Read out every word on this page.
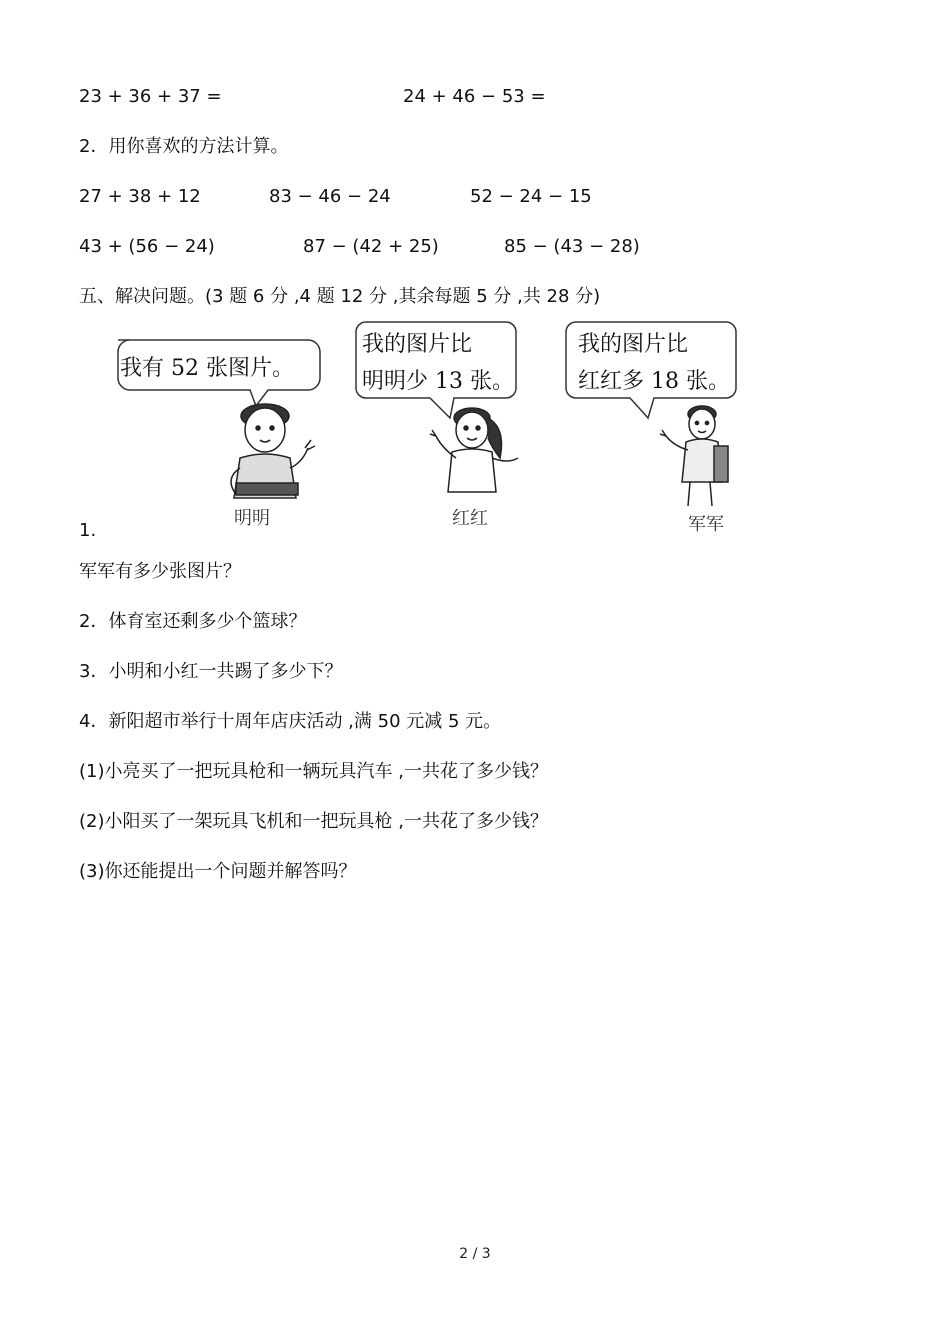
23 + 36 + 37 =	24 + 46 − 53 =
2．用你喜欢的方法计算。
27 + 38 + 12	83 − 46 − 24	52 − 24 − 15
43 + (56 − 24)	87 − (42 + 25)	85 − (43 − 28)
五、解决问题。(3 题 6 分 ,4 题 12 分 ,其余每题 5 分 ,共 28 分)
我有 52 张图片。
明明
我的图片比
明明少 13 张。
红红
我的图片比
红红多 18 张。
军军
1.
军军有多少张图片？
2．体育室还剩多少个篮球？
3．小明和小红一共踢了多少下？
4．新阳超市举行十周年店庆活动 ,满 50 元减 5 元。
(1)小亮买了一把玩具枪和一辆玩具汽车 ,一共花了多少钱？
(2)小阳买了一架玩具飞机和一把玩具枪 ,一共花了多少钱？
(3)你还能提出一个问题并解答吗？
2 / 3
